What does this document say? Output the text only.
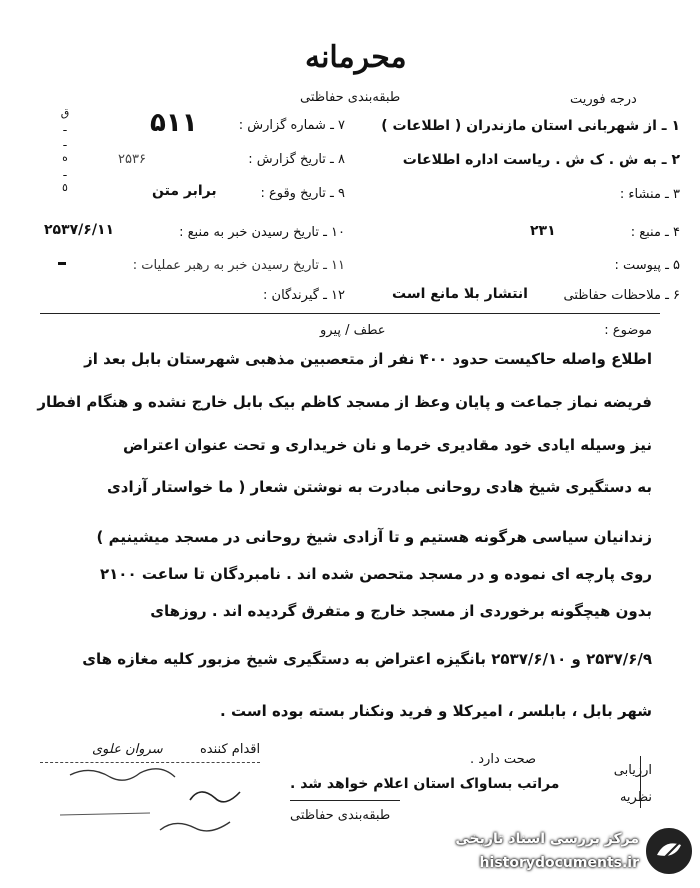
محرمانه
طبقه‌بندی حفاظتی	درجه فوریت
ق
ـ
ـ
ه
ـ
٥
۱ ـ از شهربانی استان مازندران ( اطلاعات )
۲ ـ به ش . ک ش . ریاست اداره اطلاعات
۳ ـ منشاء :
۴ ـ منبع :
۲۳۱
۵ ـ پیوست :
۶ ـ ملاحظات حفاظتی
انتشار بلا مانع است
۷ ـ شماره گزارش :
۵۱۱
۸ ـ تاریخ گزارش :
۲۵۳۶
۹ ـ تاریخ وقوع :
برابر متن
۱۰ ـ تاریخ رسیدن خبر به منبع :
۲۵۳۷/۶/۱۱
۱۱ ـ تاریخ رسیدن خبر به رهبر عملیات :
۱۲ ـ گیرندگان :
موضوع :
عطف / پیرو
اطلاع واصله حاکیست حدود ۴۰۰ نفر از متعصبین مذهبی شهرستان بابل بعد از
فریضه نماز جماعت و پایان وعظ از مسجد کاظم بیک بابل خارج نشده و هنگام افطار
نیز وسیله ایادی خود مقادیری خرما و نان خریداری و تحت عنوان اعتراض
به دستگیری شیخ هادی روحانی مبادرت به نوشتن شعار ( ما خواستار آزادی
زندانیان سیاسی هرگونه هستیم و تا آزادی شیخ روحانی در مسجد میشینیم )
روی پارچه ای نموده و در مسجد متحصن شده اند . نامبردگان تا ساعت ۲۱۰۰
بدون هیچگونه برخوردی از مسجد خارج و متفرق گردیده اند . روزهای
۲۵۳۷/۶/۹ و ۲۵۳۷/۶/۱۰ بانگیزه اعتراض به دستگیری شیخ مزبور کلیه مغازه های
شهر بابل ، بابلسر ، امیرکلا و فرید ونکنار بسته بوده است .
ارزیابی
نظریه
صحت دارد .
مراتب بساواک استان اعلام خواهد شد .
اقدام کننده
سروان علوی
طبقه‌بندی حفاظتی
مرکز بررسی اسناد تاریخی
historydocuments.ir
